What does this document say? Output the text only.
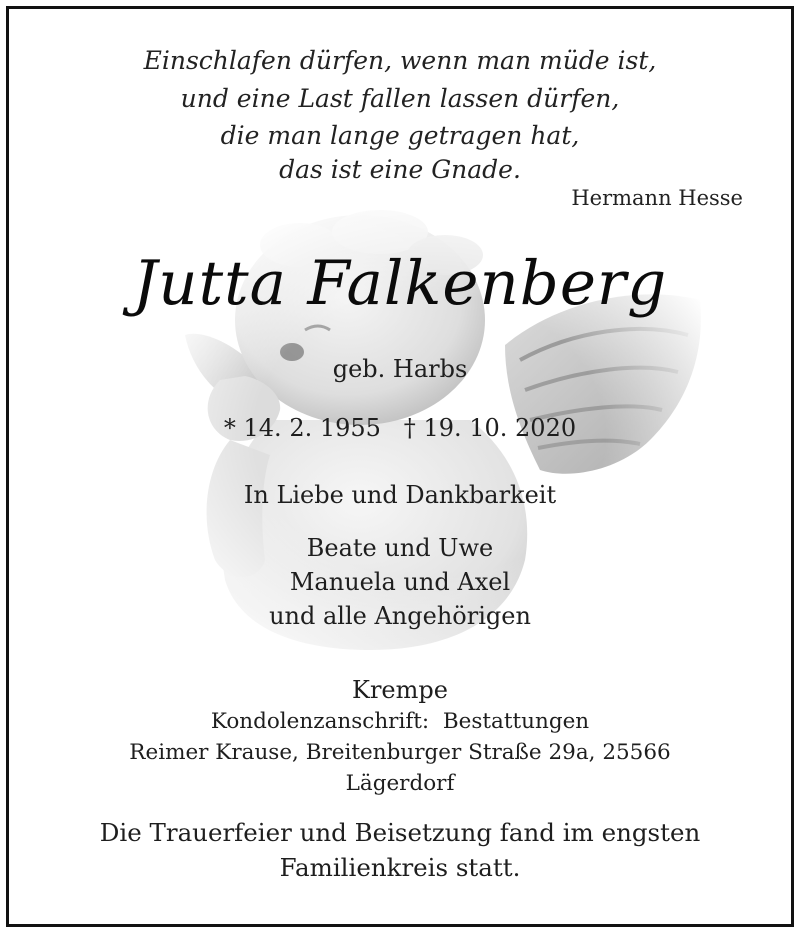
Einschlafen dürfen, wenn man müde ist,
und eine Last fallen lassen dürfen,
die man lange getragen hat,
das ist eine Gnade.
Hermann Hesse
Jutta Falkenberg
geb. Harbs
* 14. 2. 1955   † 19. 10. 2020
In Liebe und Dankbarkeit
Beate und Uwe
Manuela und Axel
und alle Angehörigen
Krempe
Kondolenzanschrift:  Bestattungen
Reimer Krause, Breitenburger Straße 29a, 25566
Lägerdorf
Die Trauerfeier und Beisetzung fand im engsten
Familienkreis statt.
